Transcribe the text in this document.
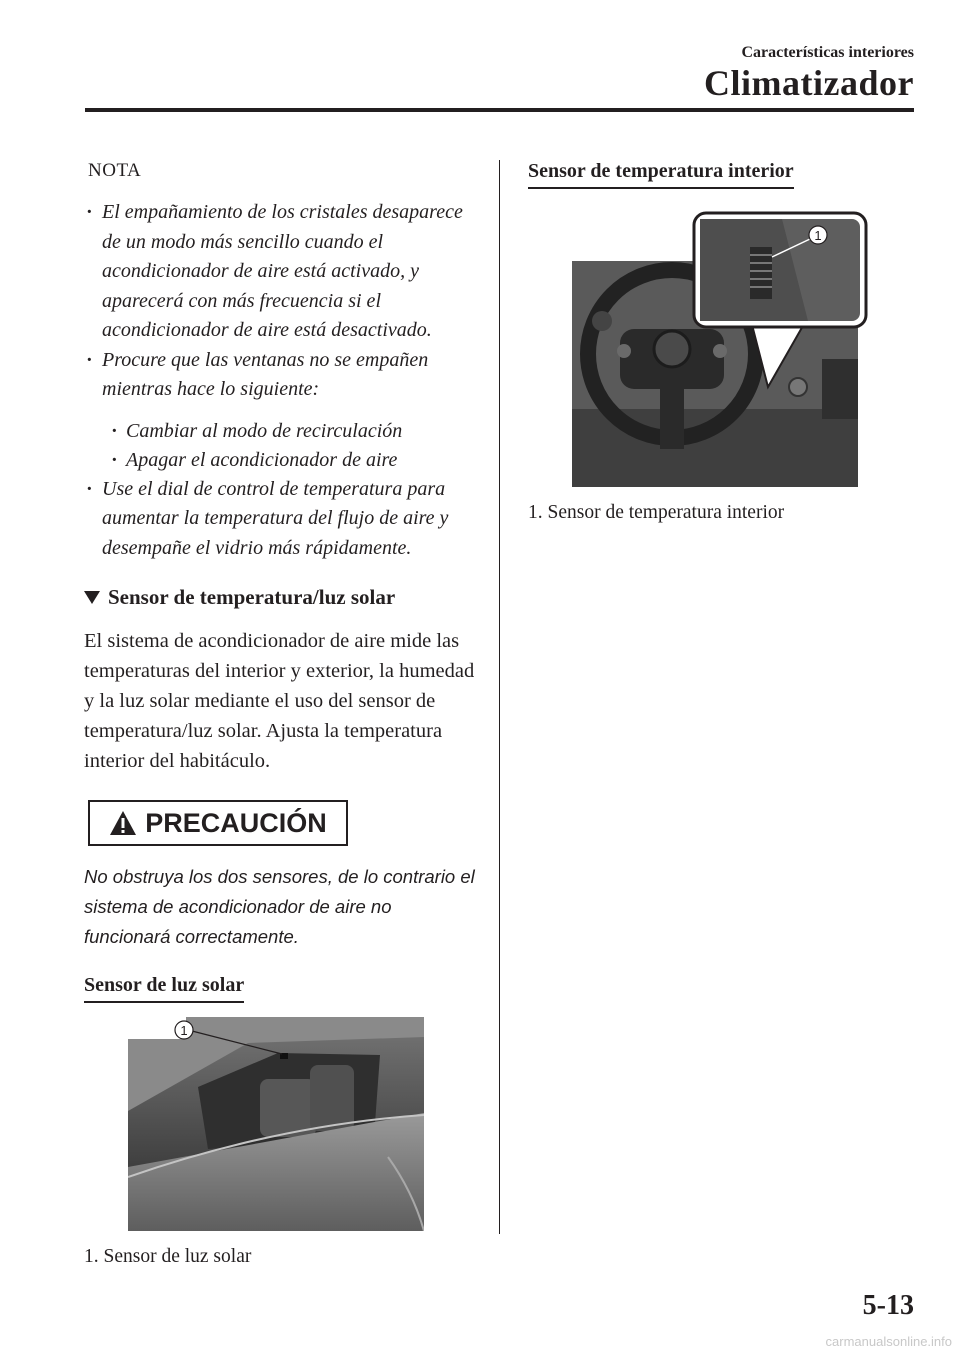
Características interiores
Climatizador
NOTA
· El empañamiento de los cristales desaparece de un modo más sencillo cuando el acondicionador de aire está activado, y aparecerá con más frecuencia si el acondicionador de aire está desactivado.
· Procure que las ventanas no se empañen mientras hace lo siguiente:
· Cambiar al modo de recirculación
· Apagar el acondicionador de aire
· Use el dial de control de temperatura para aumentar la temperatura del flujo de aire y desempañe el vidrio más rápidamente.
Sensor de temperatura/luz solar
El sistema de acondicionador de aire mide las temperaturas del interior y exterior, la humedad y la luz solar mediante el uso del sensor de temperatura/luz solar. Ajusta la temperatura interior del habitáculo.
PRECAUCIÓN
No obstruya los dos sensores, de lo contrario el sistema de acondicionador de aire no funcionará correctamente.
Sensor de luz solar
1
1. Sensor de luz solar
Sensor de temperatura interior
1
1. Sensor de temperatura interior
5-13
carmanualsonline.info
